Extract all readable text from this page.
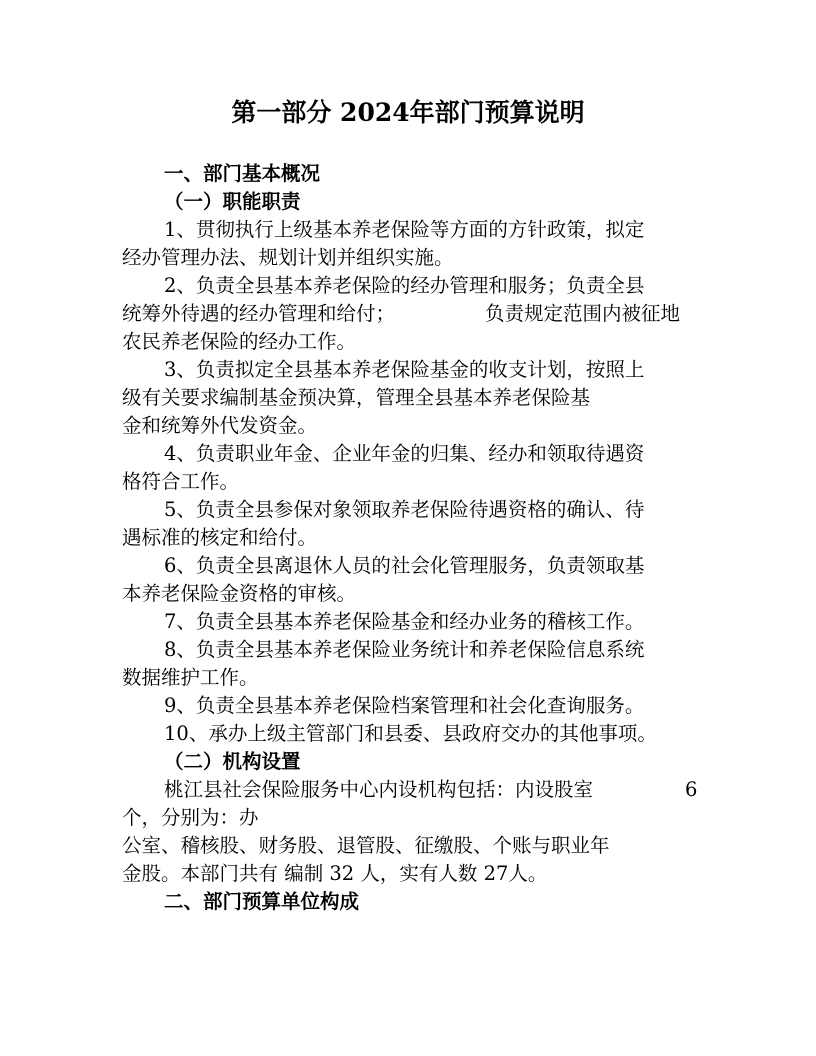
第一部分 2024年部门预算说明
一、部门基本概况
（一）职能职责
1、贯彻执行上级基本养老保险等方面的方针政策，拟定
经办管理办法、规划计划并组织实施。
2、负责全县基本养老保险的经办管理和服务；负责全县
统筹外待遇的经办管理和给付；	负责规定范围内被征地
农民养老保险的经办工作。
3、负责拟定全县基本养老保险基金的收支计划，按照上
级有关要求编制基金预决算，管理全县基本养老保险基
金和统筹外代发资金。
4、负责职业年金、企业年金的归集、经办和领取待遇资
格符合工作。
5、负责全县参保对象领取养老保险待遇资格的确认、待
遇标准的核定和给付。
6、负责全县离退休人员的社会化管理服务，负责领取基
本养老保险金资格的审核。
7、负责全县基本养老保险基金和经办业务的稽核工作。
8、负责全县基本养老保险业务统计和养老保险信息系统
数据维护工作。
9、负责全县基本养老保险档案管理和社会化查询服务。
10、承办上级主管部门和县委、县政府交办的其他事项。
（二）机构设置
桃江县社会保险服务中心内设机构包括：内设股室	6
个，分别为：办
公室、稽核股、财务股、退管股、征缴股、个账与职业年
金股。本部门共有 编制 32 人，实有人数 27人。
二、部门预算单位构成
